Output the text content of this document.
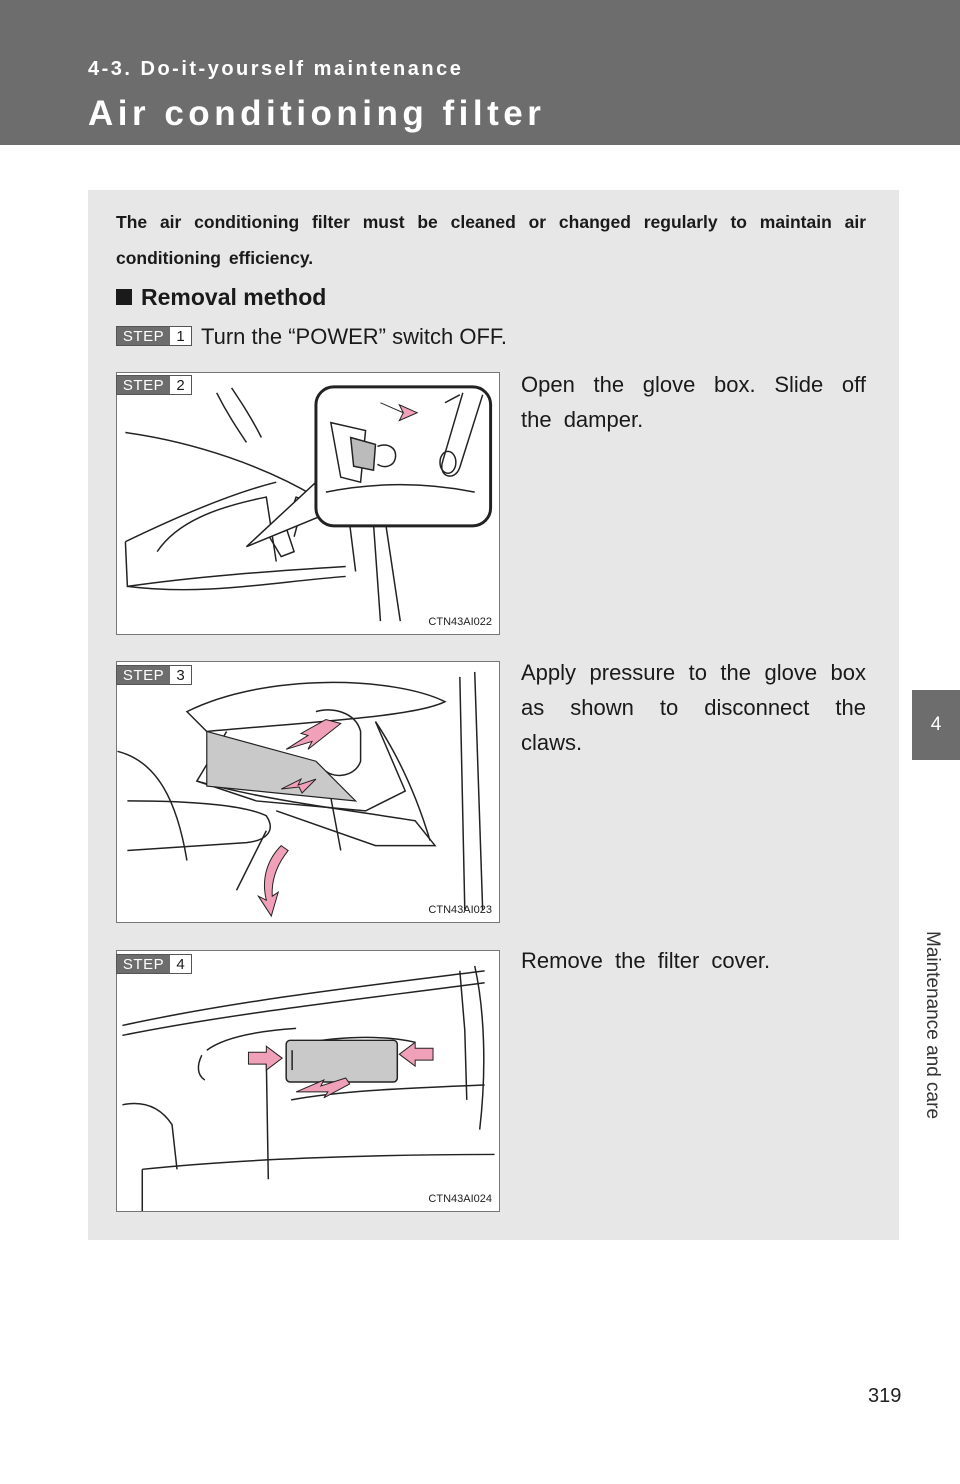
4-3. Do-it-yourself maintenance
Air conditioning filter
4
Maintenance and care
The air conditioning filter must be cleaned or changed regularly to maintain air conditioning efficiency.
Removal method
STEP 1 Turn the “POWER” switch OFF.
CTN43AI022
STEP 2	Open the glove box. Slide off the damper.
CTN43AI023
STEP 3	Apply pressure to the glove box as shown to disconnect the claws.
CTN43AI024
STEP 4	Remove the filter cover.
319
